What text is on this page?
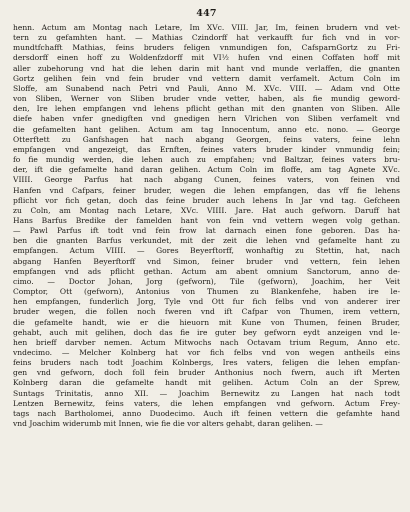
447
henn. Actum am Montag nach Letare, Im XVc. VIII. Jar, Im, feinen brudern vnd vet-
tern zu gefamhten hant. — Mathias Czindorff hat verkaufft fur fich vnd in vor-
mundtfchafft Mathias, feins bruders feligen vnmundigen fon, CafsparnGortz zu Fri-
dersdorff einen hoff zu Woldenfzdorff mit VI½ hufen vnd einen Coffaten hoff mit
aller zubehorung vnd hat die lehen darin mit hant vnd munde verlaffen, die gnanten
Gortz gelihen fein vnd fein bruder vnd vettern damit verfamelt. Actum Coln im
Sloffe, am Sunabend nach Petri vnd Pauli, Anno M. XVc. VIII. — Adam vnd Otte
von Sliben, Werner von Sliben bruder vnde vetter, haben, als fie mundig geword-
den, Ire lehen empfangen vnd lehens pflicht gethan mit den gnanten von Sliben. Alle
diefe haben vnfer gnedigften vnd gnedigen hern Vlrichen von Sliben verfamelt vnd
die gefamelten hant gelihen. Actum am tag Innocentum, anno etc. nono. — George
Otterftett zu Ganfshagen hat nach abgang Georgen, feins vaters, feine lehn
empfangen vnd angezeigt, das Ernften, feines vaters bruder kinder vnmundig fein;
fo fie mundig werden, die lehen auch zu empfahen; vnd Baltzar, feines vaters bru-
der, ift die gefamelte hand daran gelihen. Actum Coln im floffe, am tag Agnete XVc.
VIIII. George Parfus hat nach abgang Cunen, feines vaters, von feinen vnd
Hanfen vnd Cafpars, feiner bruder, wegen die lehen empfangen, das vff fie lehens
pflicht vor fich getan, doch das feine bruder auch lehens In Jar vnd tag. Gefcheen
zu Coln, am Montag nach Letare, XVc. VIIII. Jare. Hat auch gefworn. Daruff hat
Hans Barfus Bredike der famelden hant von fein vnd vettern wegen volg gethan.
— Pawl Parfus ift todt vnd fein frow lat darnach einen fone geboren. Das ha-
ben die gnanten Barfus verkundet, mit der zeit die lehen vnd gefamelte hant zu
empfangen. Actum VIIII. — Gores Beyerftorff, wonhaftig zu Stettin, hat, nach
abgang Hanfen Beyerftorff vnd Simon, feiner bruder vnd vettern, fein lehen
empfangen vnd ads pflicht gethan. Actum am abent omnium Sanctorum, anno de-
cimo. — Doctor Johan, Jorg (gefworn), Tile (gefworn), Joachim, her Veit
Comptor, Ott (gefworn), Antonius von Thumen zu Blankenfehe, haben ire le-
hen empfangen, funderlich Jorg, Tyle vnd Ott fur fich felbs vnd von anderer irer
bruder wegen, die follen noch fweren vnd ift Cafpar von Thumen, irem vettern,
die gefamelte handt, wie er die hieuorn mit Kune von Thumen, feinen Bruder,
gehabt, auch mit gelihen, doch das fie ire guter bey gefworn eydt anzeigen vnd le-
hen brieff darvber nemen. Actum Mitwochs nach Octavam trium Regum, Anno etc.
vndecimo. — Melcher Kolnberg hat vor fich felbs vnd von wegen antheils eins
feins bruders nach todt Joachim Kolnbergs, Ires vaters, feligen die lehen empfan-
gen vnd gefworn, doch foll fein bruder Anthonius noch fwern, auch ift Merten
Kolnberg daran die gefamelte handt mit gelihen. Actum Coln an der Sprew,
Suntags Trinitatis, anno XII. — Joachim Bernewitz zu Langen hat nach todt
Lentzen Bernewitz, feins vaters, die lehen empfangen vnd gefworn. Actum Frey-
tags nach Bartholomei, anno Duodecimo. Auch ift feinen vettern die gefamhte hand
vnd Joachim widerumb mit Innen, wie fie die vor alters gehabt, daran gelihen. —
